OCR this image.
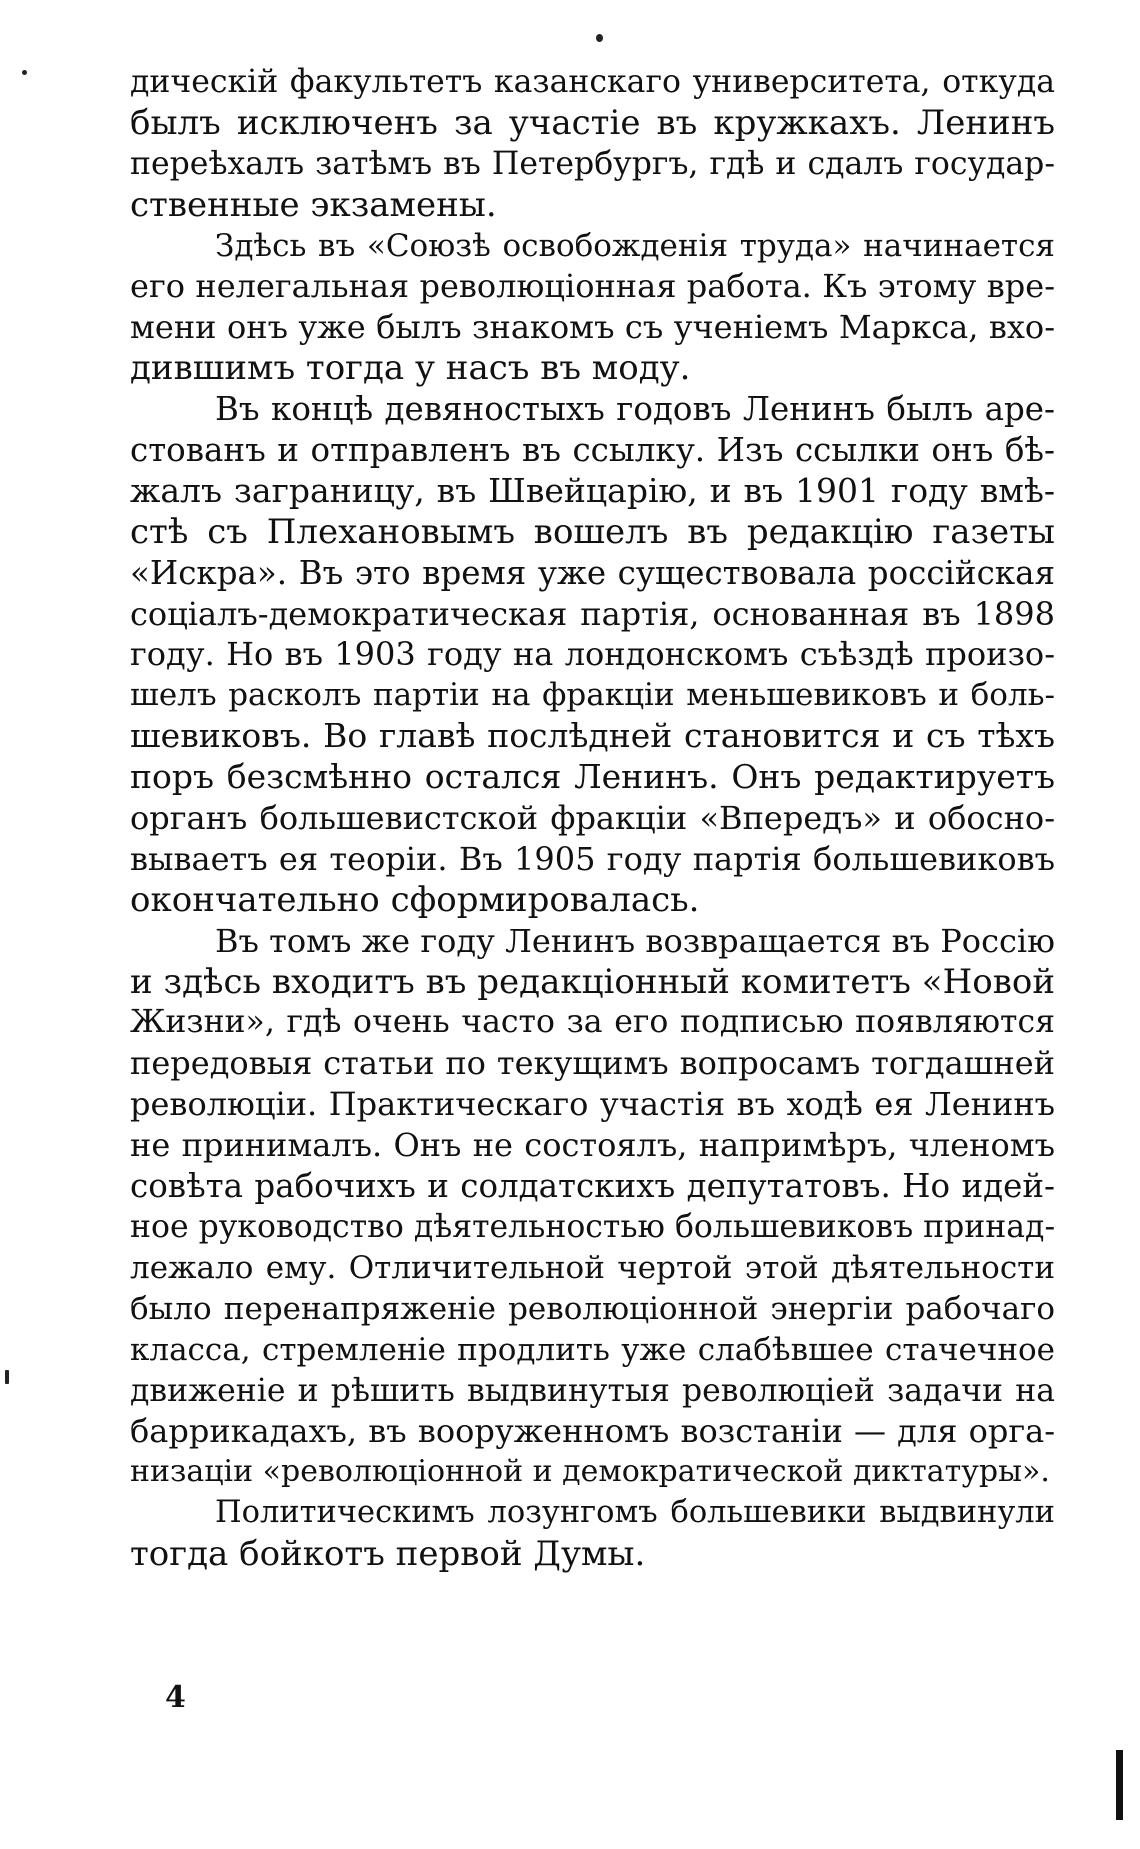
дическій факультетъ казанскаго университета, откуда
былъ исключенъ за участіе въ кружкахъ. Ленинъ
переѣхалъ затѣмъ въ Петербургъ, гдѣ и сдалъ государ-
ственные экзамены.
Здѣсь въ «Союзѣ освобожденія труда» начинается
его нелегальная революціонная работа. Къ этому вре-
мени онъ уже былъ знакомъ съ ученіемъ Маркса, вхо-
дившимъ тогда у насъ въ моду.
Въ концѣ девяностыхъ годовъ Ленинъ былъ аре-
стованъ и отправленъ въ ссылку. Изъ ссылки онъ бѣ-
жалъ заграницу, въ Швейцарію, и въ 1901 году вмѣ-
стѣ съ Плехановымъ вошелъ въ редакцію газеты
«Искра». Въ это время уже существовала россійская
соціалъ-демократическая партія, основанная въ 1898
году. Но въ 1903 году на лондонскомъ съѣздѣ произо-
шелъ расколъ партіи на фракціи меньшевиковъ и боль-
шевиковъ. Во главѣ послѣдней становится и съ тѣхъ
поръ безсмѣнно остался Ленинъ. Онъ редактируетъ
органъ большевистской фракціи «Впередъ» и обосно-
вываетъ ея теоріи. Въ 1905 году партія большевиковъ
окончательно сформировалась.
Въ томъ же году Ленинъ возвращается въ Россію
и здѣсь входитъ въ редакціонный комитетъ «Новой
Жизни», гдѣ очень часто за его подписью появляются
передовыя статьи по текущимъ вопросамъ тогдашней
революціи. Практическаго участія въ ходѣ ея Ленинъ
не принималъ. Онъ не состоялъ, напримѣръ, членомъ
совѣта рабочихъ и солдатскихъ депутатовъ. Но идей-
ное руководство дѣятельностью большевиковъ принад-
лежало ему. Отличительной чертой этой дѣятельности
было перенапряженіе революціонной энергіи рабочаго
класса, стремленіе продлить уже слабѣвшее стачечное
движеніе и рѣшить выдвинутыя революціей задачи на
баррикадахъ, въ вооруженномъ возстаніи — для орга-
низаціи «революціонной и демократической диктатуры».
Политическимъ лозунгомъ большевики выдвинули
тогда бойкотъ первой Думы.
4
